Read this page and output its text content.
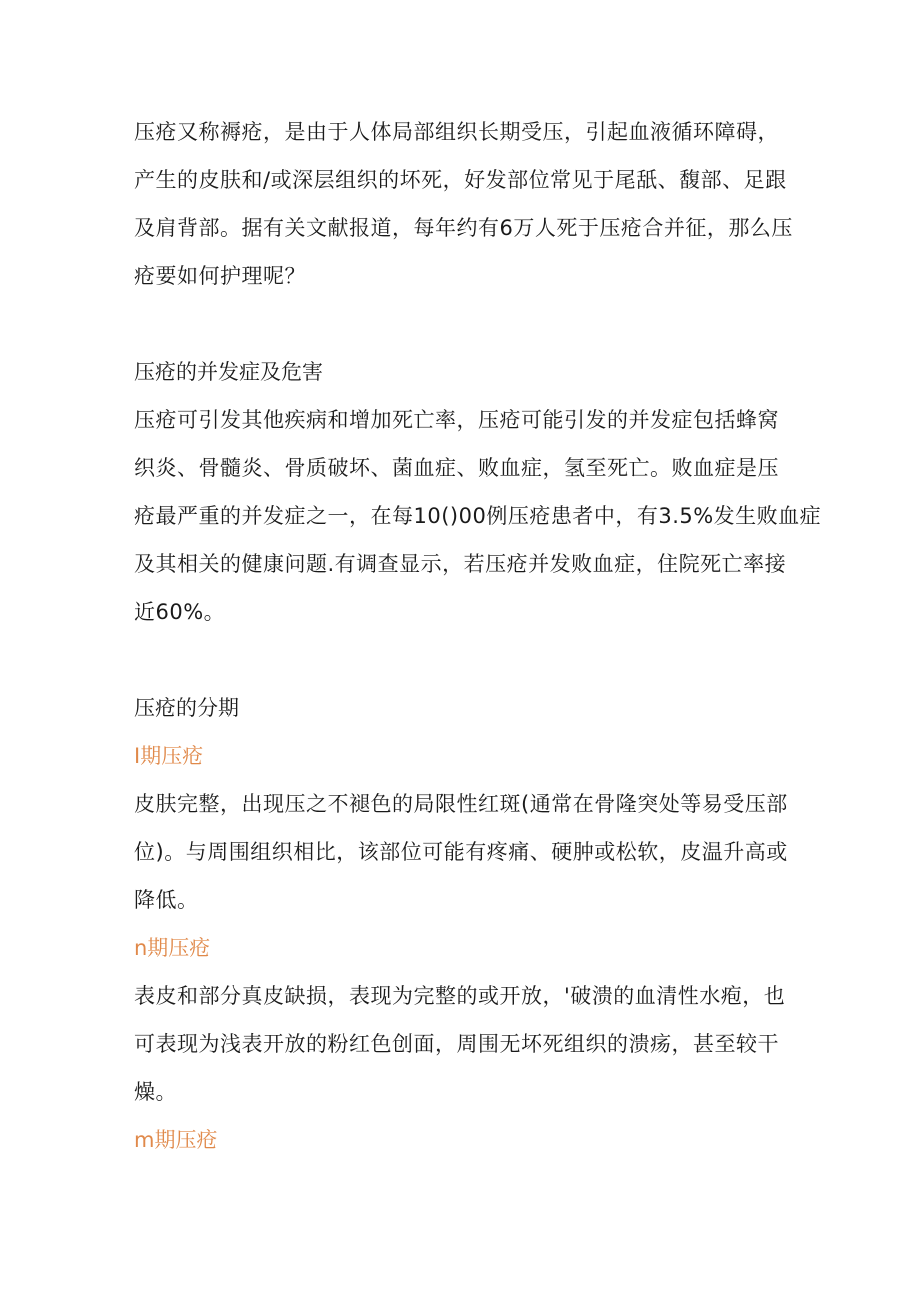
压疮又称褥疮，是由于人体局部组织长期受压，引起血液循环障碍，
产生的皮肤和/或深层组织的坏死，好发部位常见于尾舐、馥部、足跟
及肩背部。据有关文献报道，每年约有6万人死于压疮合并征，那么压
疮要如何护理呢？

压疮的并发症及危害

压疮可引发其他疾病和增加死亡率，压疮可能引发的并发症包括蜂窝
织炎、骨髓炎、骨质破坏、菌血症、败血症，氢至死亡。败血症是压
疮最严重的并发症之一，在每10()00例压疮患者中，有3.5%发生败血症
及其相关的健康问题.有调查显示，若压疮并发败血症，住院死亡率接
近60%。

压疮的分期
I期压疮

皮肤完整，出现压之不褪色的局限性红斑(通常在骨隆突处等易受压部
位)。与周围组织相比，该部位可能有疼痛、硬肿或松软，皮温升高或
降低。

n期压疮

表皮和部分真皮缺损，表现为完整的或开放，'破溃的血清性水疱，也
可表现为浅表开放的粉红色创面，周围无坏死组织的溃疡，甚至较干
燥。

m期压疮
